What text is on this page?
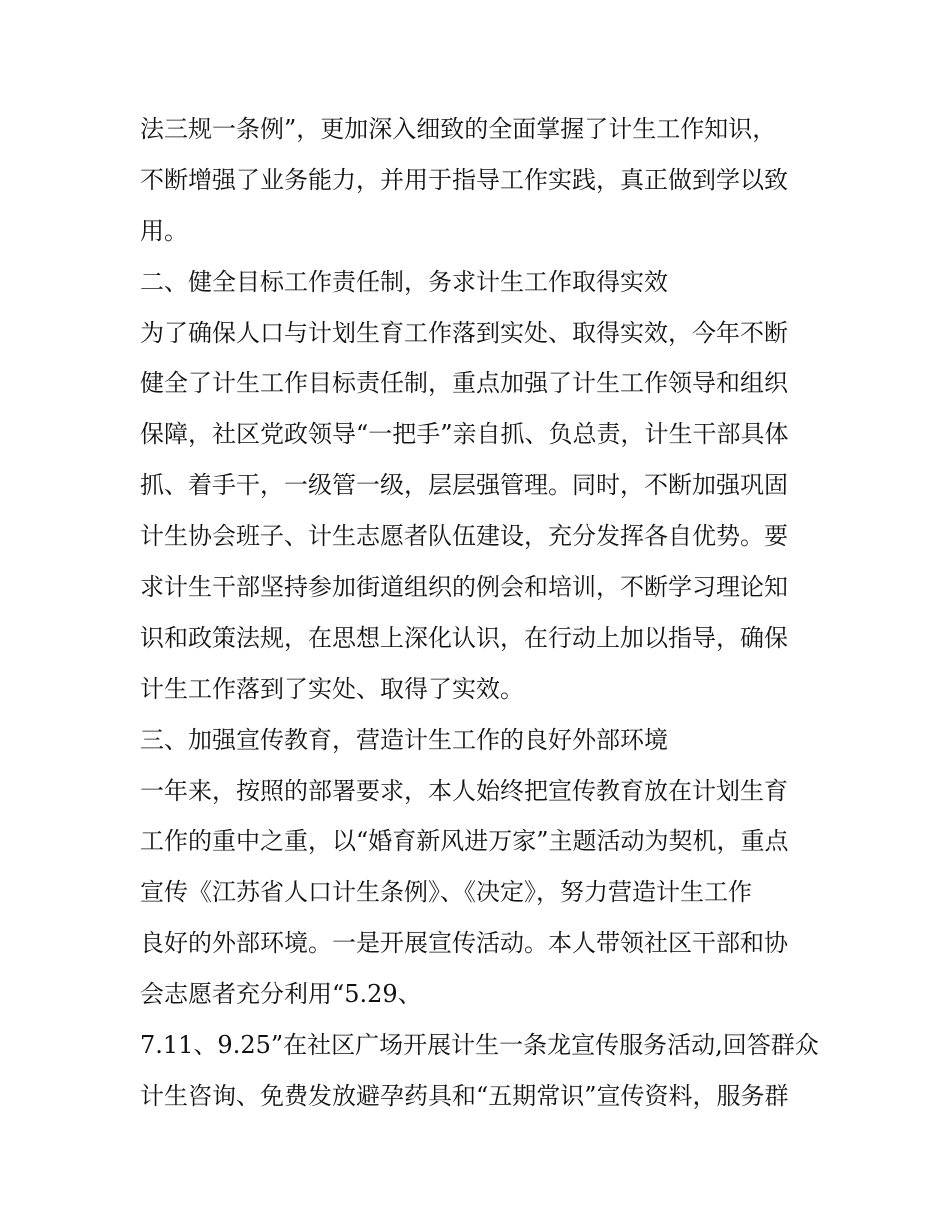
法三规一条例”，更加深入细致的全面掌握了计生工作知识，
不断增强了业务能力，并用于指导工作实践，真正做到学以致
用。
二、健全目标工作责任制，务求计生工作取得实效
为了确保人口与计划生育工作落到实处、取得实效，今年不断
健全了计生工作目标责任制，重点加强了计生工作领导和组织
保障，社区党政领导“一把手”亲自抓、负总责，计生干部具体
抓、着手干，一级管一级，层层强管理。同时，不断加强巩固
计生协会班子、计生志愿者队伍建设，充分发挥各自优势。要
求计生干部坚持参加街道组织的例会和培训，不断学习理论知
识和政策法规，在思想上深化认识，在行动上加以指导，确保
计生工作落到了实处、取得了实效。
三、加强宣传教育，营造计生工作的良好外部环境
一年来，按照的部署要求，本人始终把宣传教育放在计划生育
工作的重中之重，以“婚育新风进万家”主题活动为契机，重点
宣传《江苏省人口计生条例》、《决定》，努力营造计生工作
良好的外部环境。一是开展宣传活动。本人带领社区干部和协
会志愿者充分利用“5.29、
7.11、9.25”在社区广场开展计生一条龙宣传服务活动,回答群众
计生咨询、免费发放避孕药具和“五期常识”宣传资料，服务群
